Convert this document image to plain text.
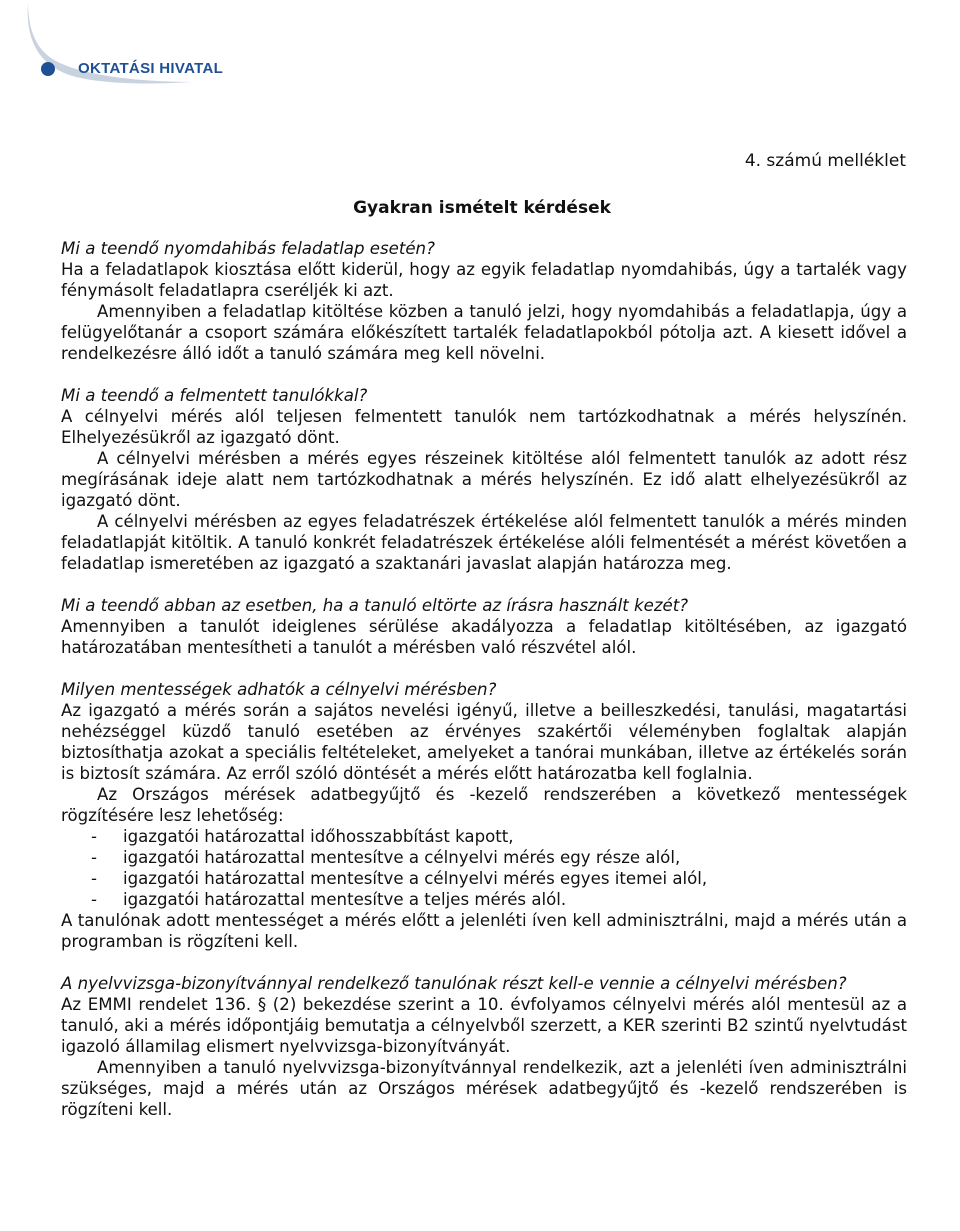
OKTATÁSI HIVATAL
4. számú melléklet
Gyakran ismételt kérdések

Mi a teendő nyomdahibás feladatlap esetén?

Ha a feladatlapok kiosztása előtt kiderül, hogy az egyik feladatlap nyomdahibás, úgy a tartalék vagy fénymásolt feladatlapra cseréljék ki azt.

Amennyiben a feladatlap kitöltése közben a tanuló jelzi, hogy nyomdahibás a feladatlapja, úgy a felügyelőtanár a csoport számára előkészített tartalék feladatlapokból pótolja azt. A kiesett idővel a rendelkezésre álló időt a tanuló számára meg kell növelni.

Mi a teendő a felmentett tanulókkal?

A célnyelvi mérés alól teljesen felmentett tanulók nem tartózkodhatnak a mérés helyszínén. Elhelyezésükről az igazgató dönt.

A célnyelvi mérésben a mérés egyes részeinek kitöltése alól felmentett tanulók az adott rész megírásának ideje alatt nem tartózkodhatnak a mérés helyszínén. Ez idő alatt elhelyezésükről az igazgató dönt.

A célnyelvi mérésben az egyes feladatrészek értékelése alól felmentett tanulók a mérés minden feladatlapját kitöltik. A tanuló konkrét feladatrészek értékelése alóli felmentését a mérést követően a feladatlap ismeretében az igazgató a szaktanári javaslat alapján határozza meg.

Mi a teendő abban az esetben, ha a tanuló eltörte az írásra használt kezét?

Amennyiben a tanulót ideiglenes sérülése akadályozza a feladatlap kitöltésében, az igazgató határozatában mentesítheti a tanulót a mérésben való részvétel alól.

Milyen mentességek adhatók a célnyelvi mérésben?

Az igazgató a mérés során a sajátos nevelési igényű, illetve a beilleszkedési, tanulási, magatartási nehézséggel küzdő tanuló esetében az érvényes szakértői véleményben foglaltak alapján biztosíthatja azokat a speciális feltételeket, amelyeket a tanórai munkában, illetve az értékelés során is biztosít számára. Az erről szóló döntését a mérés előtt határozatba kell foglalnia.

Az Országos mérések adatbegyűjtő és -kezelő rendszerében a következő mentességek rögzítésére lesz lehetőség:

- igazgatói határozattal időhosszabbítást kapott,
- igazgatói határozattal mentesítve a célnyelvi mérés egy része alól,
- igazgatói határozattal mentesítve a célnyelvi mérés egyes itemei alól,
- igazgatói határozattal mentesítve a teljes mérés alól.

A tanulónak adott mentességet a mérés előtt a jelenléti íven kell adminisztrálni, majd a mérés után a programban is rögzíteni kell.

A nyelvvizsga-bizonyítvánnyal rendelkező tanulónak részt kell-e vennie a célnyelvi mérésben?

Az EMMI rendelet 136. § (2) bekezdése szerint a 10. évfolyamos célnyelvi mérés alól mentesül az a tanuló, aki a mérés időpontjáig bemutatja a célnyelvből szerzett, a KER szerinti B2 szintű nyelvtudást igazoló államilag elismert nyelvvizsga-bizonyítványát.

Amennyiben a tanuló nyelvvizsga-bizonyítvánnyal rendelkezik, azt a jelenléti íven adminisztrálni szükséges, majd a mérés után az Országos mérések adatbegyűjtő és -kezelő rendszerében is rögzíteni kell.
